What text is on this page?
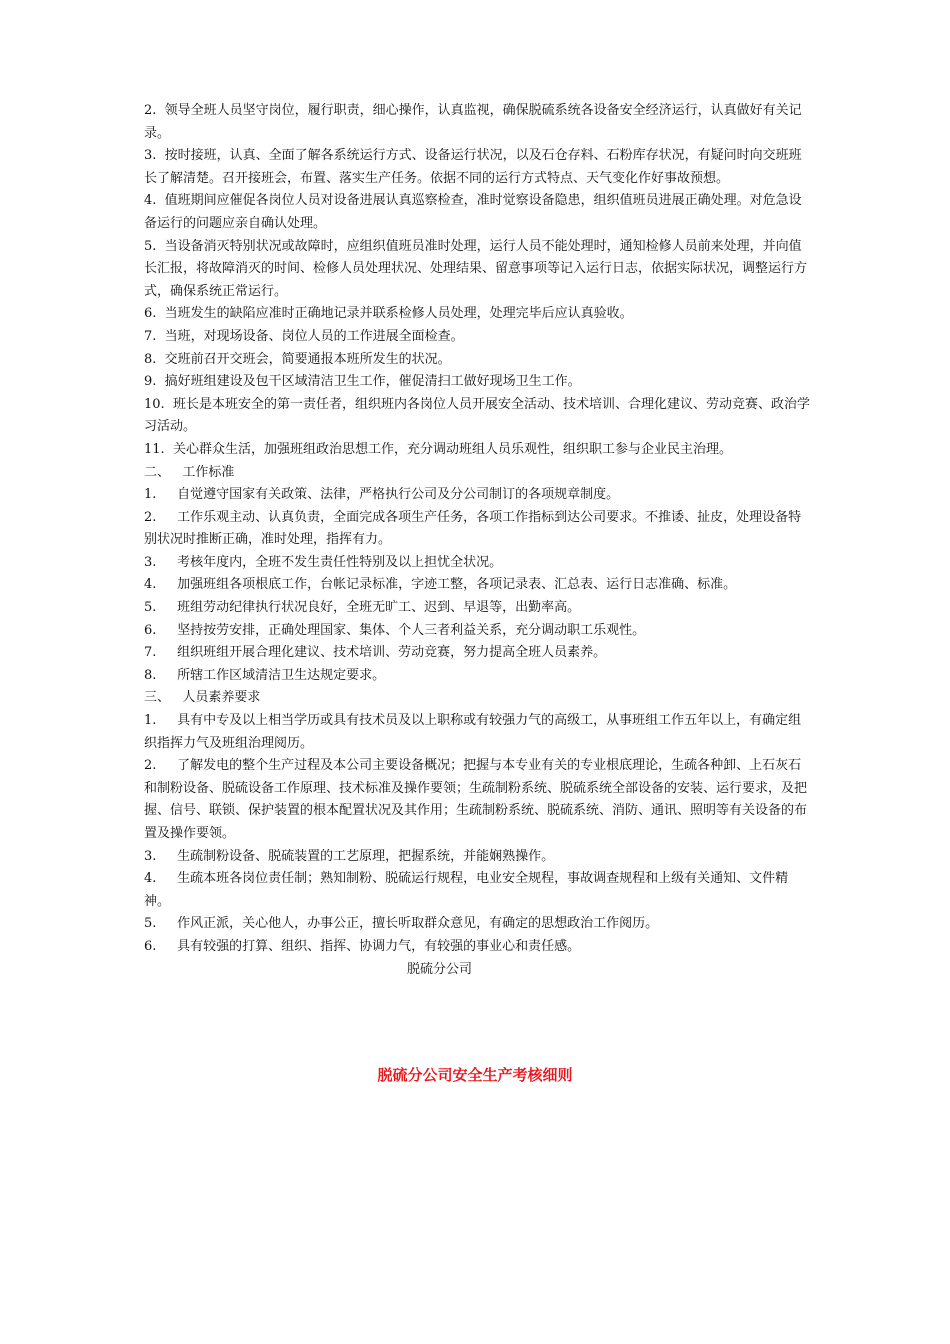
2.  领导全班人员坚守岗位，履行职责，细心操作，认真监视，确保脱硫系统各设备安全经济运行，认真做好有关记录。

3.  按时接班，认真、全面了解各系统运行方式、设备运行状况，以及石仓存料、石粉库存状况，有疑问时向交班班长了解清楚。召开接班会，布置、落实生产任务。依据不同的运行方式特点、天气变化作好事故预想。

4.  值班期间应催促各岗位人员对设备进展认真巡察检查，准时觉察设备隐患，组织值班员进展正确处理。对危急设备运行的问题应亲自确认处理。

5.  当设备消灭特别状况或故障时，应组织值班员准时处理，运行人员不能处理时，通知检修人员前来处理，并向值长汇报，将故障消灭的时间、检修人员处理状况、处理结果、留意事项等记入运行日志，依据实际状况，调整运行方式，确保系统正常运行。

6.  当班发生的缺陷应准时正确地记录并联系检修人员处理，处理完毕后应认真验收。

7.  当班，对现场设备、岗位人员的工作进展全面检查。

8.  交班前召开交班会，简要通报本班所发生的状况。

9.  搞好班组建设及包干区域清洁卫生工作，催促清扫工做好现场卫生工作。

10.  班长是本班安全的第一责任者，组织班内各岗位人员开展安全活动、技术培训、合理化建议、劳动竞赛、政治学习活动。

11.  关心群众生活，加强班组政治思想工作，充分调动班组人员乐观性，组织职工参与企业民主治理。

二、   工作标准

1.     自觉遵守国家有关政策、法律，严格执行公司及分公司制订的各项规章制度。

2.     工作乐观主动、认真负责，全面完成各项生产任务，各项工作指标到达公司要求。不推诿、扯皮，处理设备特别状况时推断正确，准时处理，指挥有力。

3.     考核年度内，全班不发生责任性特别及以上担忧全状况。

4.     加强班组各项根底工作，台帐记录标准，字迹工整，各项记录表、汇总表、运行日志准确、标准。

5.     班组劳动纪律执行状况良好，全班无旷工、迟到、早退等，出勤率高。

6.     坚持按劳安排，正确处理国家、集体、个人三者利益关系，充分调动职工乐观性。

7.     组织班组开展合理化建议、技术培训、劳动竞赛，努力提高全班人员素养。

8.     所辖工作区域清洁卫生达规定要求。

三、   人员素养要求

1.     具有中专及以上相当学历或具有技术员及以上职称或有较强力气的高级工，从事班组工作五年以上，有确定组织指挥力气及班组治理阅历。

2.     了解发电的整个生产过程及本公司主要设备概况；把握与本专业有关的专业根底理论，生疏各种卸、上石灰石和制粉设备、脱硫设备工作原理、技术标准及操作要领；生疏制粉系统、脱硫系统全部设备的安装、运行要求，及把握、信号、联锁、保护装置的根本配置状况及其作用；生疏制粉系统、脱硫系统、消防、通讯、照明等有关设备的布置及操作要领。

3.     生疏制粉设备、脱硫装置的工艺原理，把握系统，并能娴熟操作。

4.     生疏本班各岗位责任制；熟知制粉、脱硫运行规程，电业安全规程，事故调查规程和上级有关通知、文件精神。

5.     作风正派，关心他人，办事公正，擅长听取群众意见，有确定的思想政治工作阅历。

6.     具有较强的打算、组织、指挥、协调力气，有较强的事业心和责任感。

脱硫分公司

脱硫分公司安全生产考核细则
